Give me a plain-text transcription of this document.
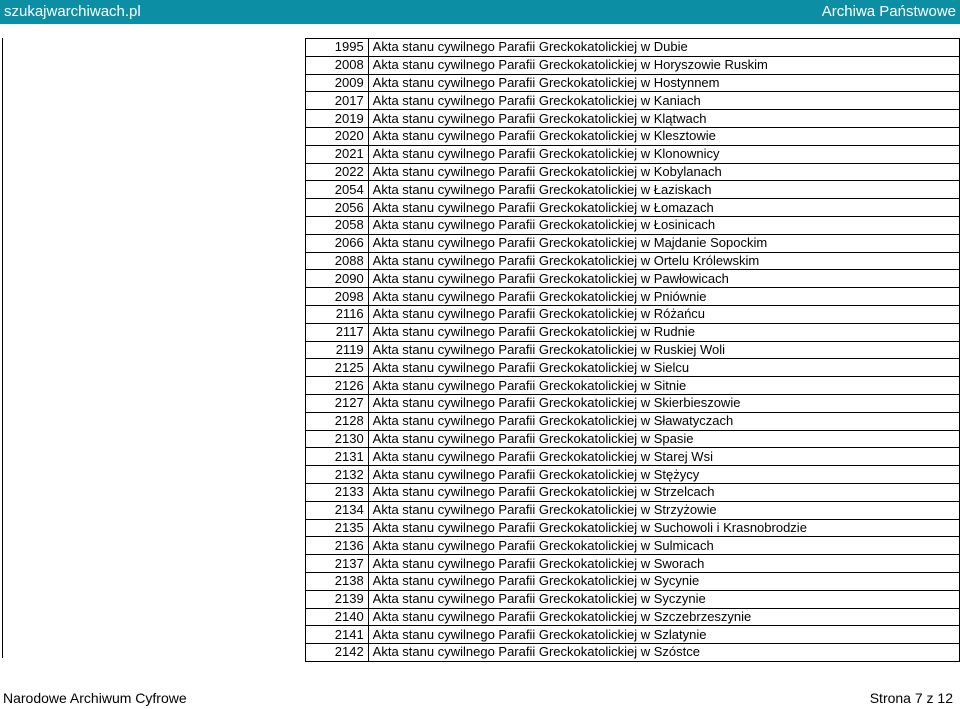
szukajwarchiwach.pl	Archiwa Państwowe
1995	Akta stanu cywilnego Parafii Greckokatolickiej w Dubie
2008	Akta stanu cywilnego Parafii Greckokatolickiej w Horyszowie Ruskim
2009	Akta stanu cywilnego Parafii Greckokatolickiej w Hostynnem
2017	Akta stanu cywilnego Parafii Greckokatolickiej w Kaniach
2019	Akta stanu cywilnego Parafii Greckokatolickiej w Klątwach
2020	Akta stanu cywilnego Parafii Greckokatolickiej w Klesztowie
2021	Akta stanu cywilnego Parafii Greckokatolickiej w Klonownicy
2022	Akta stanu cywilnego Parafii Greckokatolickiej w Kobylanach
2054	Akta stanu cywilnego Parafii Greckokatolickiej w Łaziskach
2056	Akta stanu cywilnego Parafii Greckokatolickiej w Łomazach
2058	Akta stanu cywilnego Parafii Greckokatolickiej w Łosinicach
2066	Akta stanu cywilnego Parafii Greckokatolickiej w Majdanie Sopockim
2088	Akta stanu cywilnego Parafii Greckokatolickiej w Ortelu Królewskim
2090	Akta stanu cywilnego Parafii Greckokatolickiej w Pawłowicach
2098	Akta stanu cywilnego Parafii Greckokatolickiej w Pniównie
2116	Akta stanu cywilnego Parafii Greckokatolickiej w Różańcu
2117	Akta stanu cywilnego Parafii Greckokatolickiej w Rudnie
2119	Akta stanu cywilnego Parafii Greckokatolickiej w Ruskiej Woli
2125	Akta stanu cywilnego Parafii Greckokatolickiej w Sielcu
2126	Akta stanu cywilnego Parafii Greckokatolickiej w Sitnie
2127	Akta stanu cywilnego Parafii Greckokatolickiej w Skierbieszowie
2128	Akta stanu cywilnego Parafii Greckokatolickiej w Sławatyczach
2130	Akta stanu cywilnego Parafii Greckokatolickiej w Spasie
2131	Akta stanu cywilnego Parafii Greckokatolickiej w Starej Wsi
2132	Akta stanu cywilnego Parafii Greckokatolickiej w Stężycy
2133	Akta stanu cywilnego Parafii Greckokatolickiej w Strzelcach
2134	Akta stanu cywilnego Parafii Greckokatolickiej w Strzyżowie
2135	Akta stanu cywilnego Parafii Greckokatolickiej w Suchowoli i Krasnobrodzie
2136	Akta stanu cywilnego Parafii Greckokatolickiej w Sulmicach
2137	Akta stanu cywilnego Parafii Greckokatolickiej w Sworach
2138	Akta stanu cywilnego Parafii Greckokatolickiej w Sycynie
2139	Akta stanu cywilnego Parafii Greckokatolickiej w Syczynie
2140	Akta stanu cywilnego Parafii Greckokatolickiej w Szczebrzeszynie
2141	Akta stanu cywilnego Parafii Greckokatolickiej w Szlatynie
2142	Akta stanu cywilnego Parafii Greckokatolickiej w Szóstce
Narodowe Archiwum Cyfrowe	Strona 7 z 12
